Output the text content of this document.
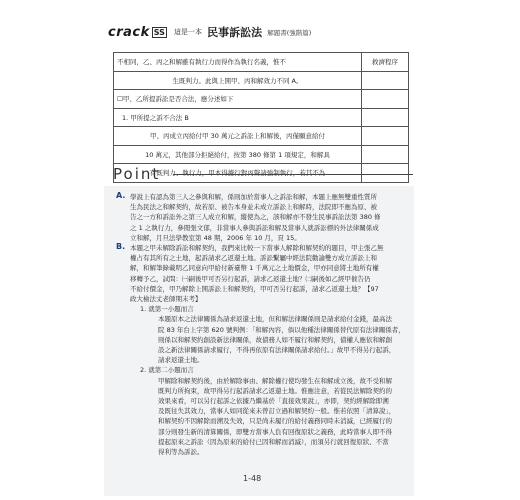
crack SS 這是一本 民事訴訟法 解題書(強階篇)
不相同，乙、丙之和解雖有執行力而得作為執行名義，惟不	救濟程序
生既判力。此與上開甲、丙和解效力不同 A。	
☐甲、乙所提訴訟是否合法，應分述如下	
1. 甲所提之訴不合法 B	
甲、丙成立丙給付甲 30 萬元之訴訟上和解後，丙僅願意給付	
10 萬元，其他部分拒絕給付，按第 380 條第 1 項規定，和解具	
有既判力、執行力，甲本得據行對丙聲請強制執行，若其不為	
Point
A. 學說上有認為第三人之參與和解，係則加於當事人之訴訟和解，本題上應無雙重性質所
生為民法之和解契約，故若原、被告本身並未成立訴訟上和解時，法院即不應為原、被
告之一方和訴訟外之第三人成立和解，縱使為之，該和解亦不發生民事訴訟法第 380 條
之 1 之執行力，參閱張文郁，非當事人參與訴訟和解及當事人就訴訟標的外法律關係成
立和解，月旦法學教室第 48 期，2006 年 10 月，頁 15。
B. 本題之甲未解除訴訟和解契約，我們來比較一下當事人解除和解契約的題目，甲主張乙無
權占有其所有之土地，起訴請求乙返還土地。訴訟繫屬中經法院勸諭雙方成立訴訟上和
解，和解筆錄載明乙同意向甲給付新臺幣 1 千萬元之土地價金，甲亦同意將土地所有權
移轉予乙，試問：㈠嗣後甲可否另行起訴，請求乙返還土地？㈡嗣後如乙經甲催告仍
不給付價金，甲乃解除上開訴訟上和解契約，甲可否另行起訴，請求乙返還土地？【97
政大檢法丈老師期末考】
1. 就第一小題而言
本題原本之法律關係為請求返還土地，但和解法律關係則是請求給付金錢，最高法
院 83 年台上字第 620 號判例：「和解內容，倘以他種法律關係替代原有法律關係者，
則係以和解契約創設新法律關係，故債務人如不履行和解契約，債權人應依和解創
設之新法律關係請求履行，不得再依原有法律關係請求給付。」故甲不得另行起訴，
請求返還土地。
2. 就第二小題而言
甲解除和解契約後，由於解除事由、解除權行使均發生在和解成立後，故不受和解
既判力所拘束，故甲得另行起訴請求乙返還土地。惟應注意，若從民法解除契約的
效果來看，可以另行起訴之依據乃繼基於「直接效果說」，亦即，契約經解除即溯
及既往失其效力，當事人如同從來未曾訂立過和解契約一般。惟若依照「清算說」，
和解契約不因解除而溯及失效，只是尚未履行的給付義務同時未消滅，已經履行的
部分則發生新的清算關係，即雙方當事人負有回復原狀之義務，此時當事人即不得
提起原來之訴訟（因為原來的給付已因和解而消滅），而須另行就回復原狀、不當
得利等為訴訟。
1-48
